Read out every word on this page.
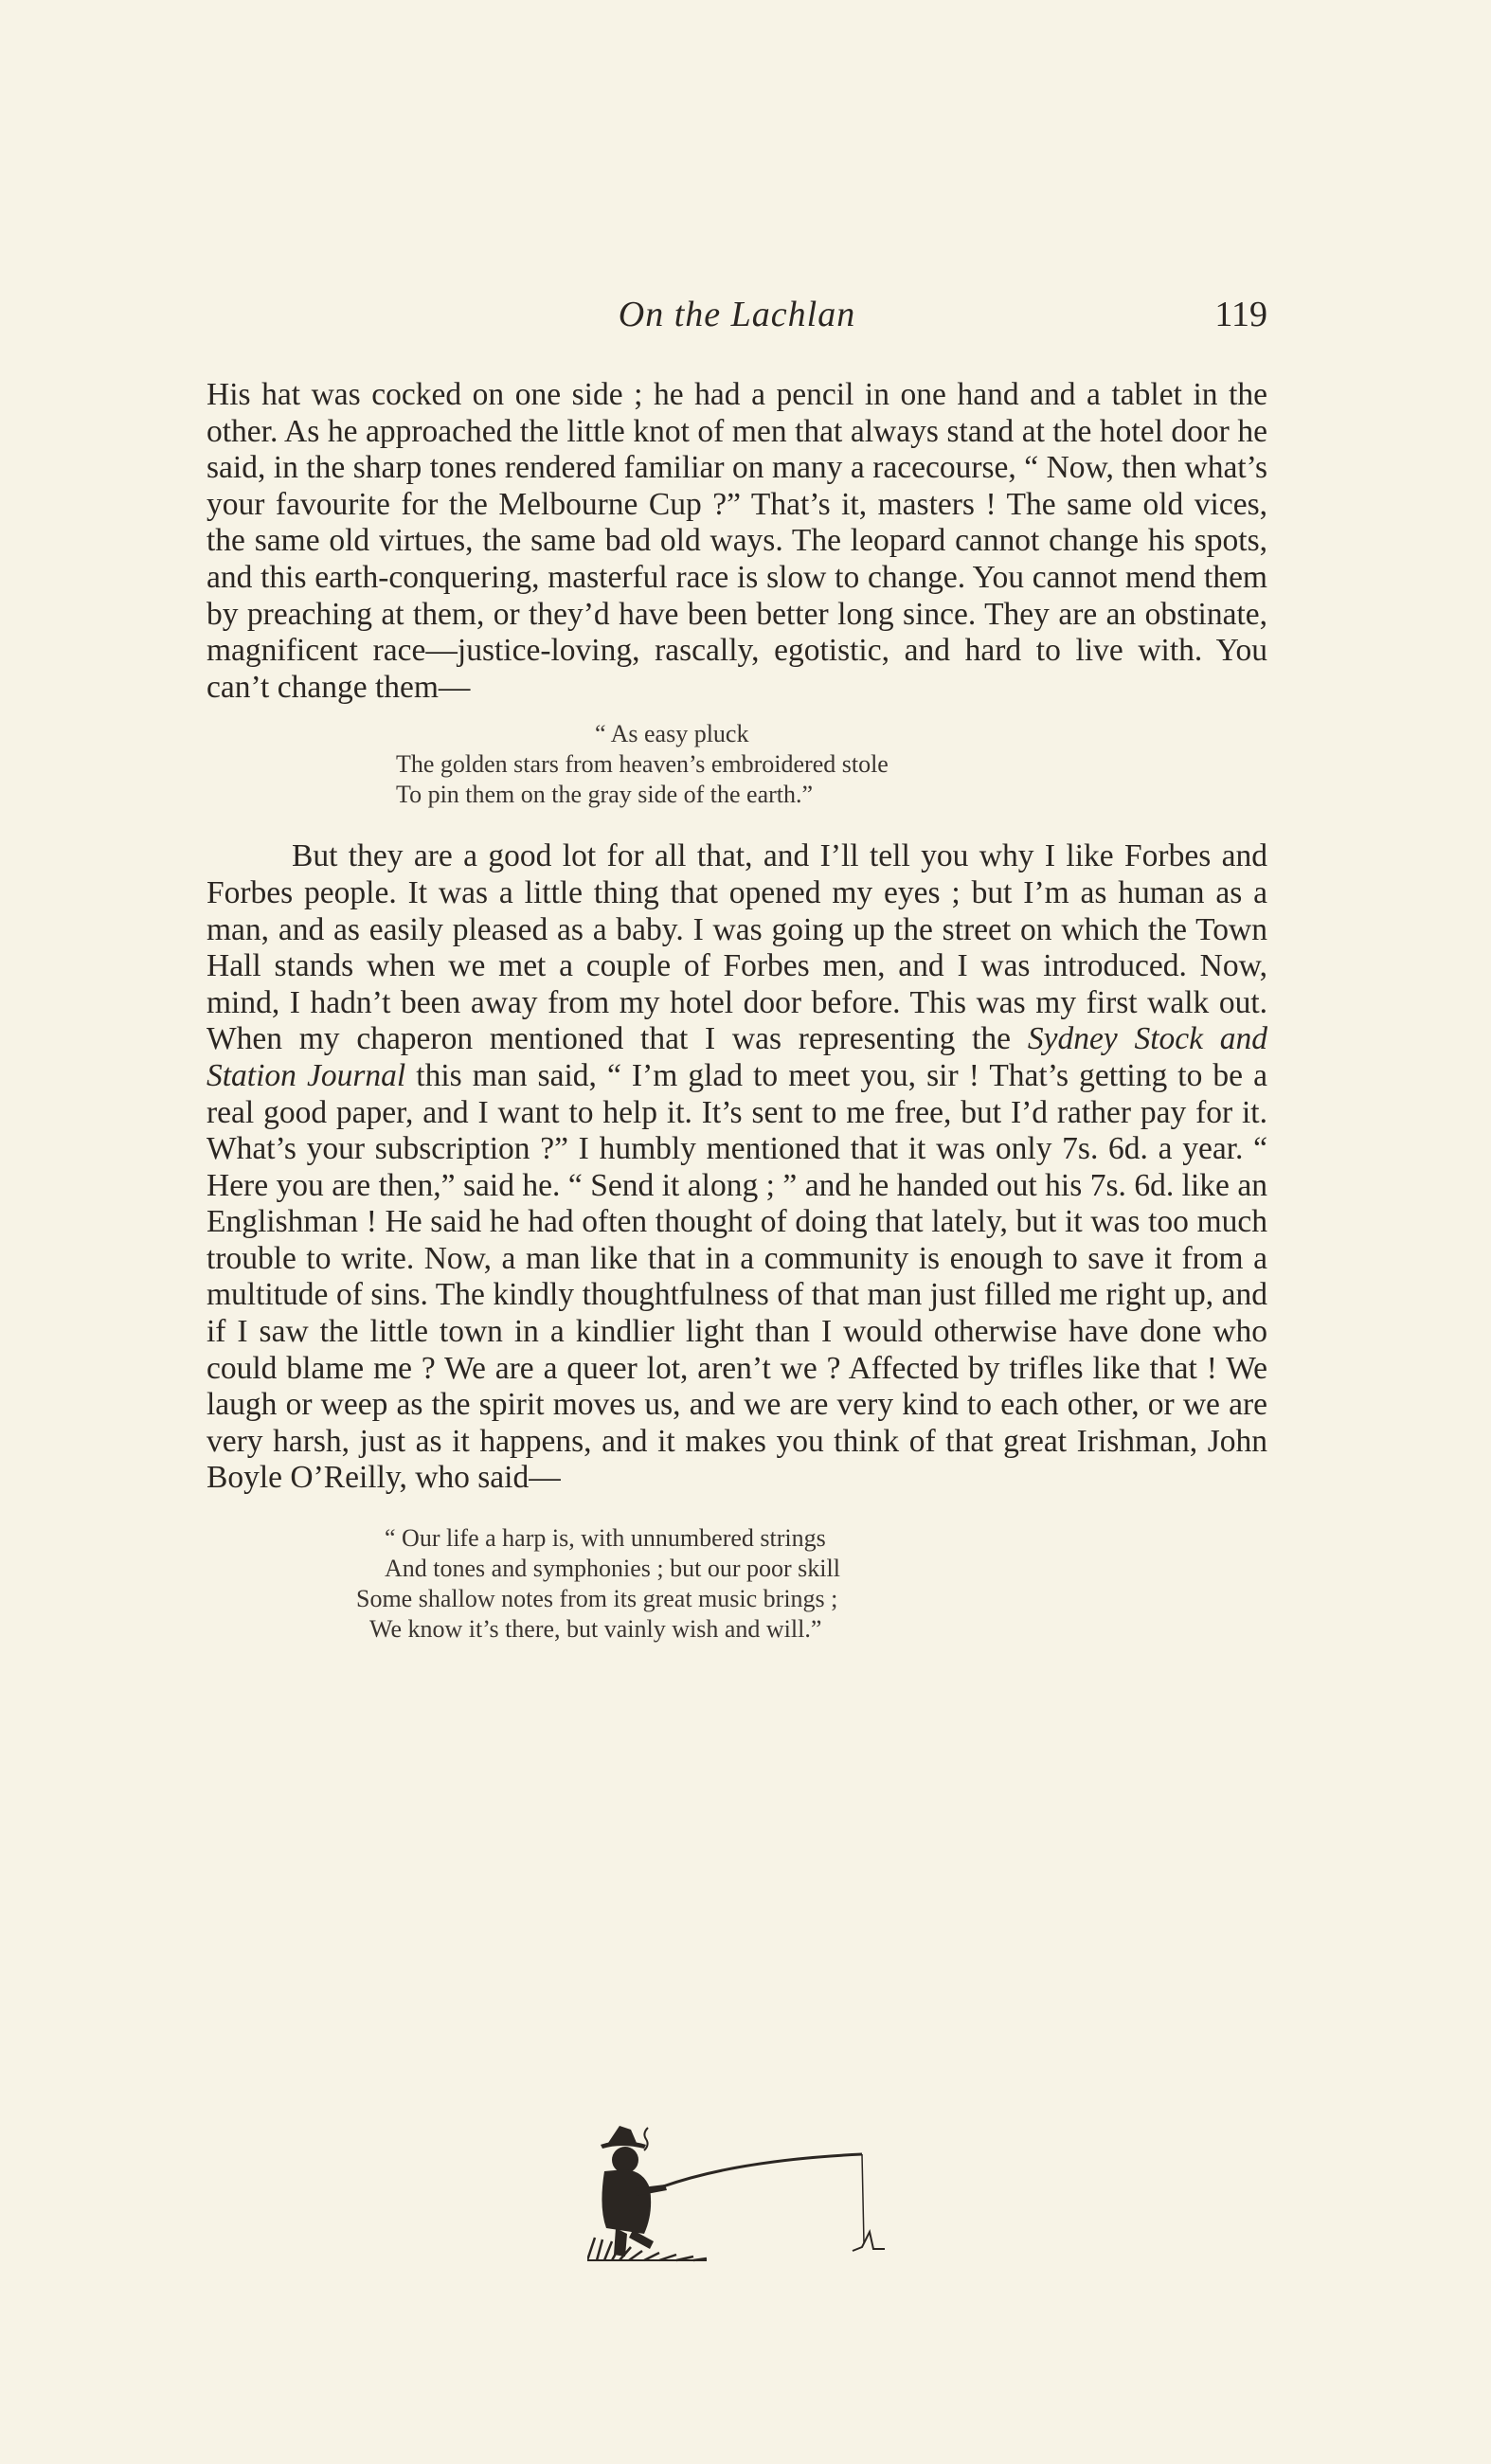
On the Lachlan	119

His hat was cocked on one side ; he had a pencil in one hand and a tablet in the other. As he approached the little knot of men that always stand at the hotel door he said, in the sharp tones rendered familiar on many a racecourse, “ Now, then what’s your favourite for the Melbourne Cup ?” That’s it, masters ! The same old vices, the same old virtues, the same bad old ways. The leopard cannot change his spots, and this earth-conquering, masterful race is slow to change. You cannot mend them by preaching at them, or they’d have been better long since. They are an obstinate, magnificent race—justice-loving, rascally, egotistic, and hard to live with. You can’t change them—

“ As easy pluck
The golden stars from heaven’s embroidered stole
To pin them on the gray side of the earth.”

But they are a good lot for all that, and I’ll tell you why I like Forbes and Forbes people. It was a little thing that opened my eyes ; but I’m as human as a man, and as easily pleased as a baby. I was going up the street on which the Town Hall stands when we met a couple of Forbes men, and I was introduced. Now, mind, I hadn’t been away from my hotel door before. This was my first walk out. When my chaperon mentioned that I was representing the Sydney Stock and Station Journal this man said, “ I’m glad to meet you, sir ! That’s getting to be a real good paper, and I want to help it. It’s sent to me free, but I’d rather pay for it. What’s your subscription ?” I humbly mentioned that it was only 7s. 6d. a year. “ Here you are then,” said he. “ Send it along ; ” and he handed out his 7s. 6d. like an Englishman ! He said he had often thought of doing that lately, but it was too much trouble to write. Now, a man like that in a community is enough to save it from a multitude of sins. The kindly thoughtfulness of that man just filled me right up, and if I saw the little town in a kindlier light than I would otherwise have done who could blame me ? We are a queer lot, aren’t we ? Affected by trifles like that ! We laugh or weep as the spirit moves us, and we are very kind to each other, or we are very harsh, just as it happens, and it makes you think of that great Irishman, John Boyle O’Reilly, who said—

“ Our life a harp is, with unnumbered strings
And tones and symphonies ; but our poor skill
Some shallow notes from its great music brings ;
We know it’s there, but vainly wish and will.”
